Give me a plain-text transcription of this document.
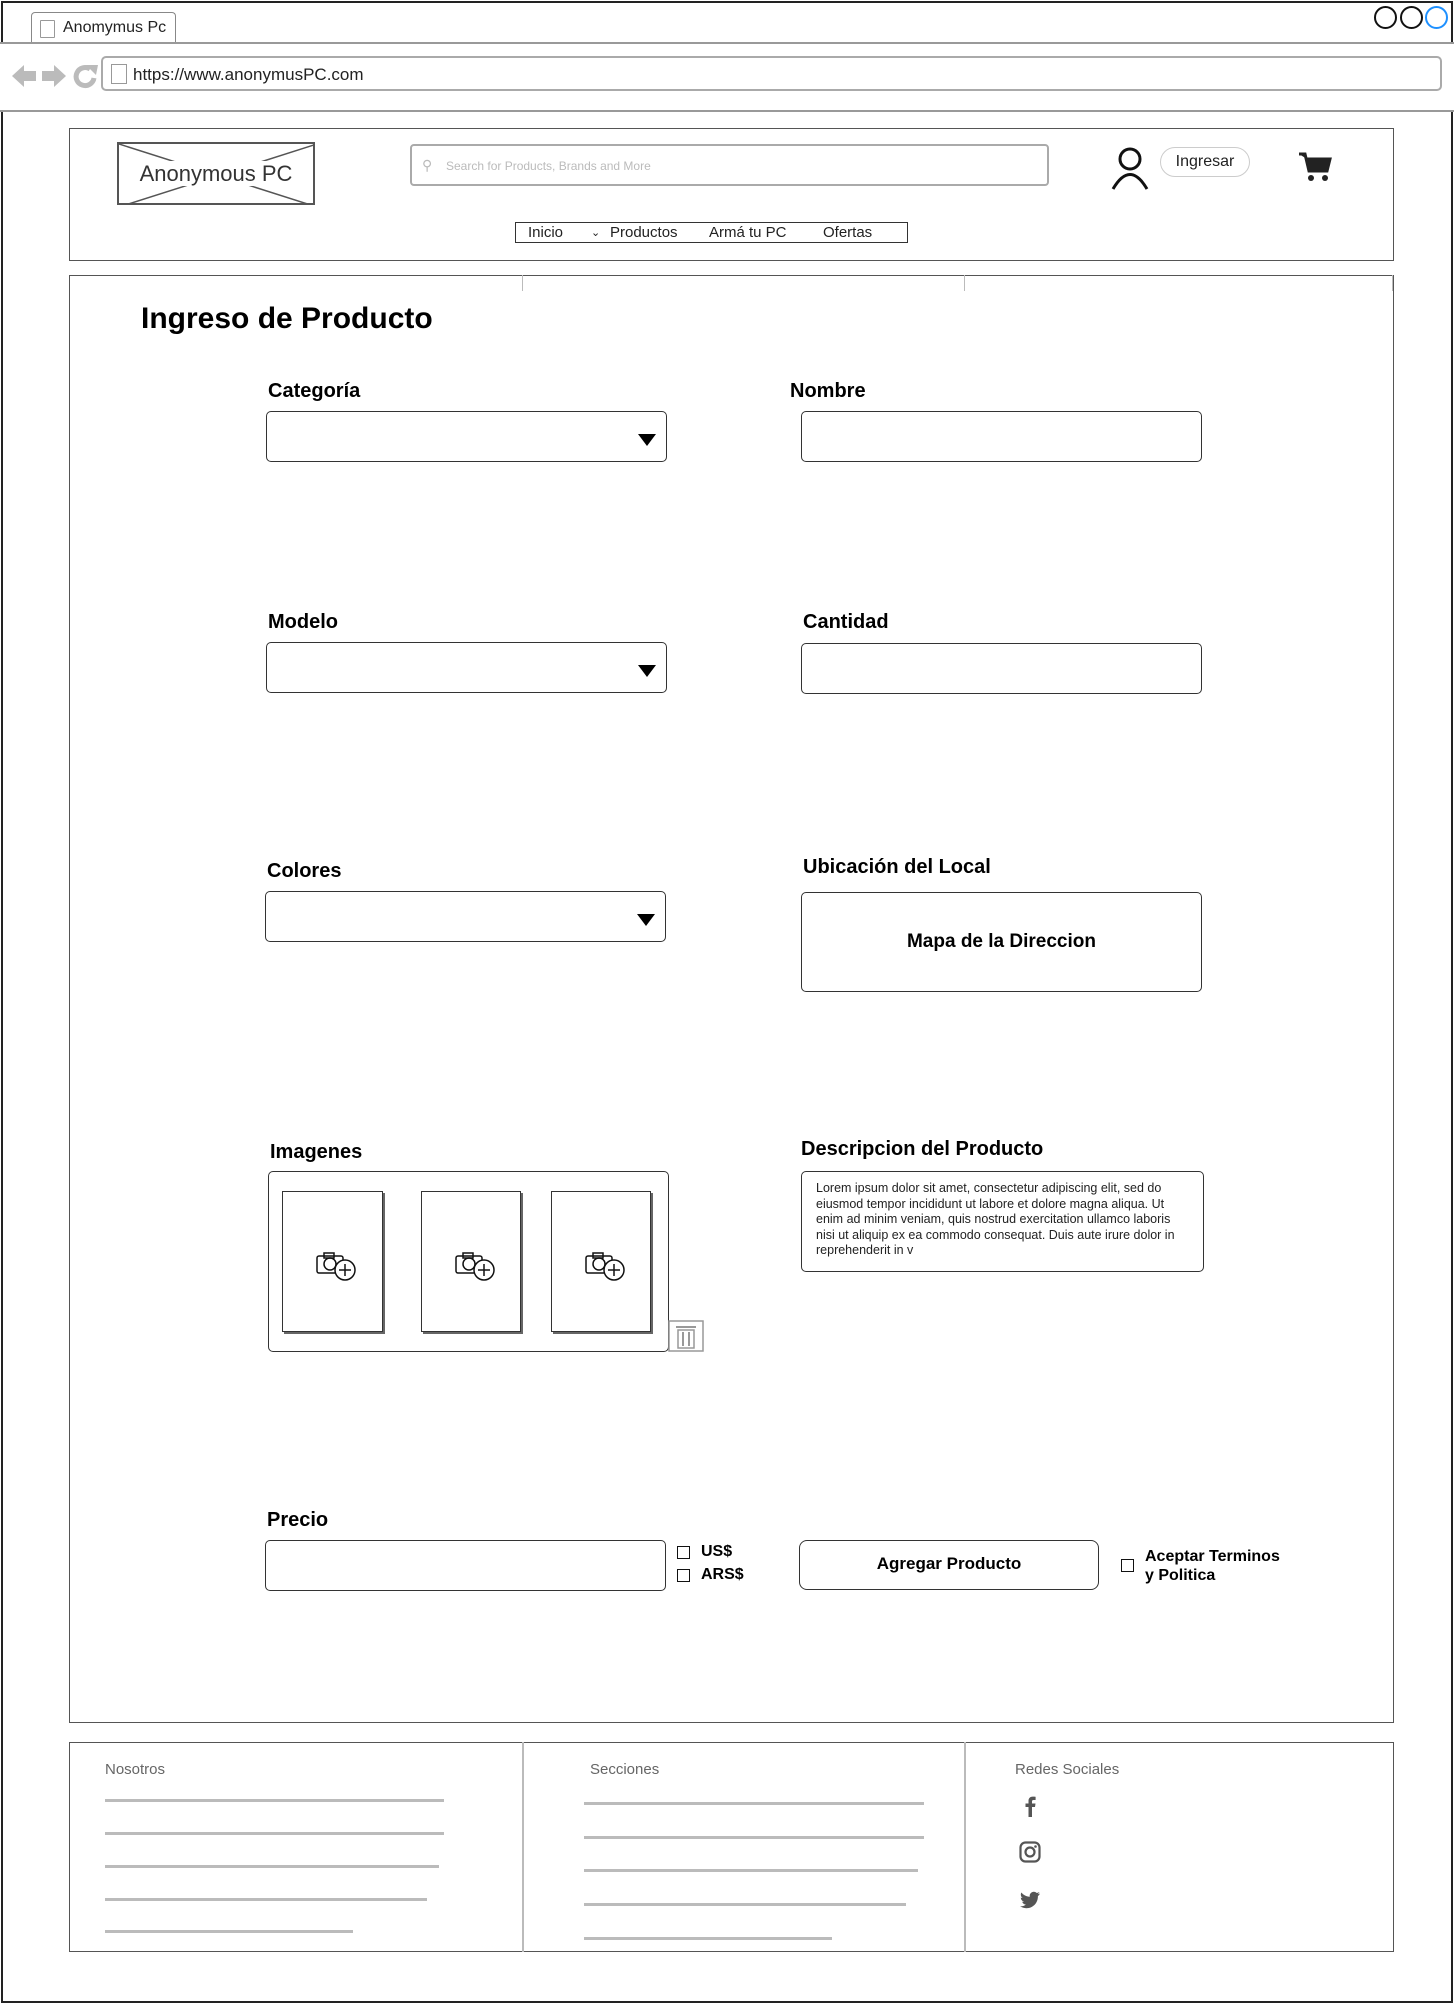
Anomymus Pc
https://www.anonymusPC.com
Anonymous PC	⚲ Search for Products, Brands and More	Ingresar
Inicio	⌄ Productos Armá tu PC Ofertas
Ingreso de Producto
Categoría	Nombre
Modelo	Cantidad
Colores	Ubicación del Local
Mapa de la Direccion
Imagenes	Descripcion del Producto
Lorem ipsum dolor sit amet, consectetur adipiscing elit, sed do eiusmod tempor incididunt ut labore et dolore magna aliqua. Ut enim ad minim veniam, quis nostrud exercitation ullamco laboris nisi ut aliquip ex ea commodo consequat. Duis aute irure dolor in reprehenderit in v
Precio
US$
ARS$
Agregar Producto	Aceptar Terminos
y Politica
Nosotros	Secciones	Redes Sociales
